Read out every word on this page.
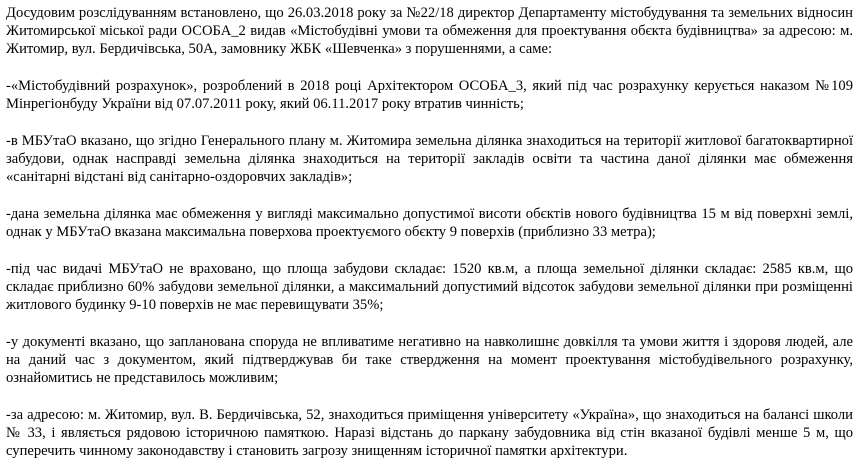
Досудовим розслідуванням встановлено, що 26.03.2018 року за №22/18 директор Департаменту містобудування та земельних відносин Житомирської міської ради ОСОБА_2 видав «Містобудівні умови та обмеження для проектування обєкта будівництва» за адресою: м. Житомир, вул. Бердичівська, 50А, замовнику ЖБК «Шевченка» з порушеннями, а саме:

-«Містобудівний розрахунок», розроблений в 2018 році Архітектором ОСОБА_3, який під час розрахунку керується наказом №109 Мінрегіонбуду України від 07.07.2011 року, який 06.11.2017 року втратив чинність;

-в МБУтаО вказано, що згідно Генерального плану м. Житомира земельна ділянка знаходиться на території житлової багатоквартирної забудови, однак насправді земельна ділянка знаходиться на території закладів освіти та частина даної ділянки має обмеження «санітарні відстані від санітарно-оздоровчих закладів»;

-дана земельна ділянка має обмеження у вигляді максимально допустимої висоти обєктів нового будівництва 15 м від поверхні землі, однак у МБУтаО вказана максимальна поверхова проектуємого обєкту 9 поверхів (приблизно 33 метра);

-під час видачі МБУтаО не враховано, що площа забудови складає: 1520 кв.м, а площа земельної ділянки складає: 2585 кв.м, що складає приблизно 60% забудови земельної ділянки, а максимальний допустимий відсоток забудови земельної ділянки при розміщенні житлового будинку 9-10 поверхів не має перевищувати 35%;

-у документі вказано, що запланована споруда не впливатиме негативно на навколишнє довкілля та умови життя і здоровя людей, але на даний час з документом, який підтверджував би таке ствердження на момент проектування містобудівельного розрахунку, ознайомитись не представилось можливим;

-за адресою: м. Житомир, вул. В. Бердичівська, 52, знаходиться приміщення університету «Україна», що знаходиться на балансі школи № 33, і являється рядовою історичною памяткою. Наразі відстань до паркану забудовника від стін вказаної будівлі менше 5 м, що суперечить чинному законодавству і становить загрозу знищенням історичної памятки архітектури.
